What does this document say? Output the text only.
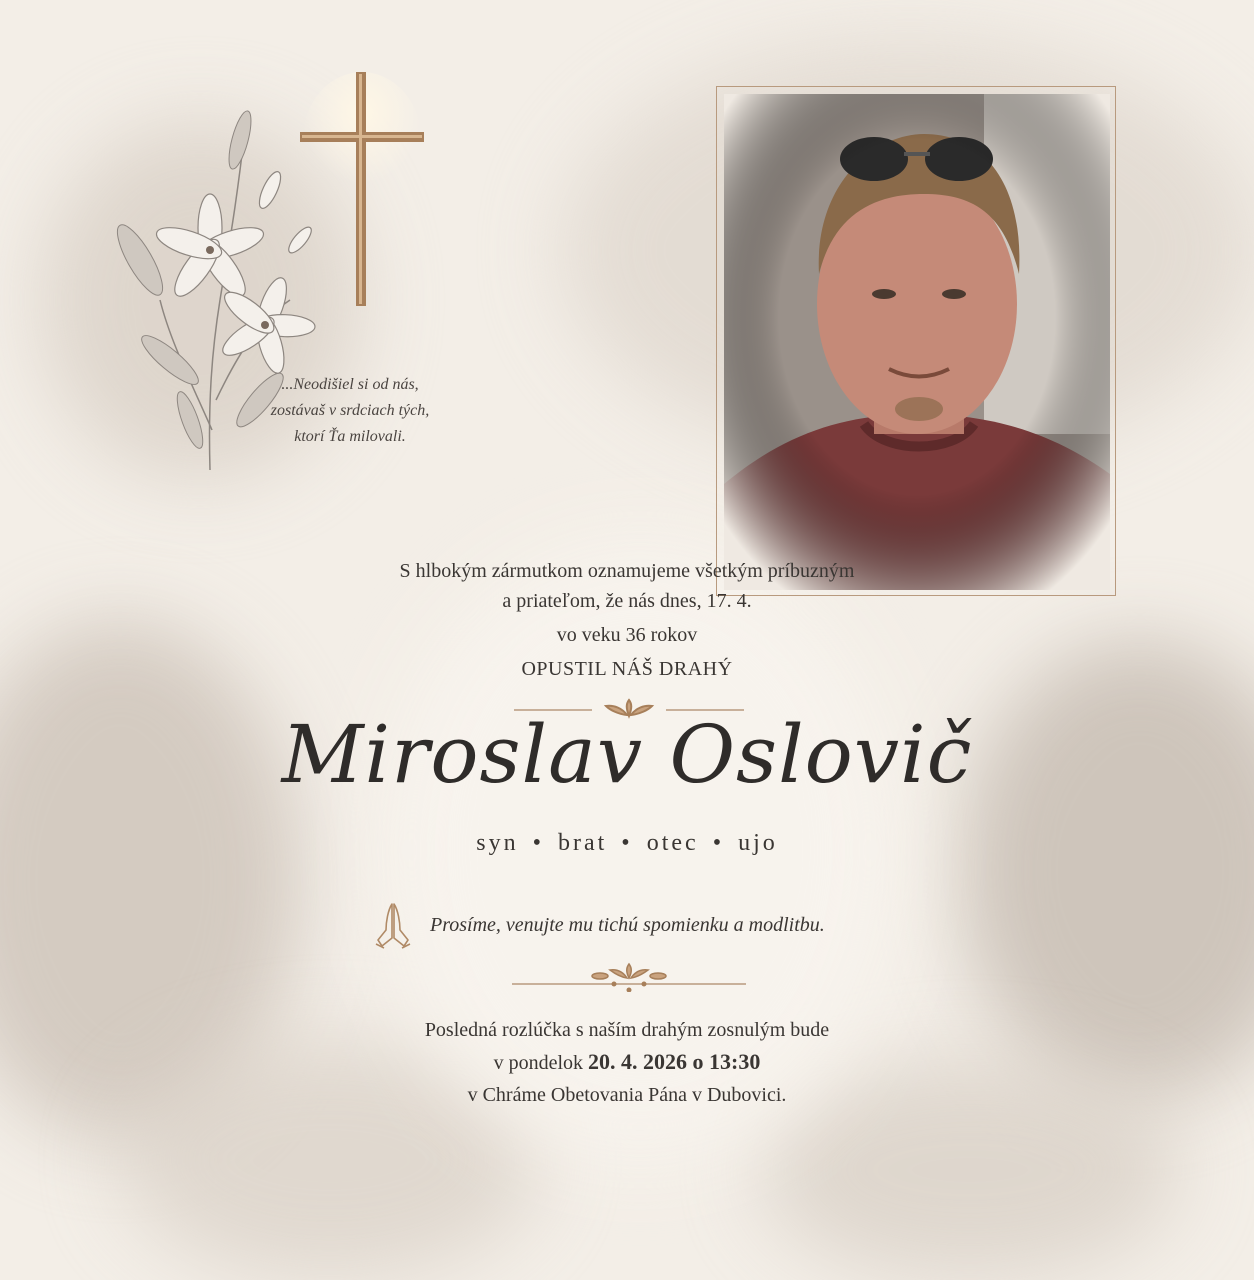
...Neodišiel si od nás,
zostávaš v srdciach tých,
ktorí Ťa milovali.
S hlbokým zármutkom oznamujeme všetkým príbuzným
a priateľom, že nás dnes, 17. 4.
vo veku 36 rokov
OPUSTIL NÁŠ DRAHÝ
Miroslav Oslovič
syn • brat • otec • ujo
Prosíme, venujte mu tichú spomienku a modlitbu.
Posledná rozlúčka s naším drahým zosnulým bude
v pondelok 20. 4. 2026 o 13:30
v Chráme Obetovania Pána v Dubovici.
